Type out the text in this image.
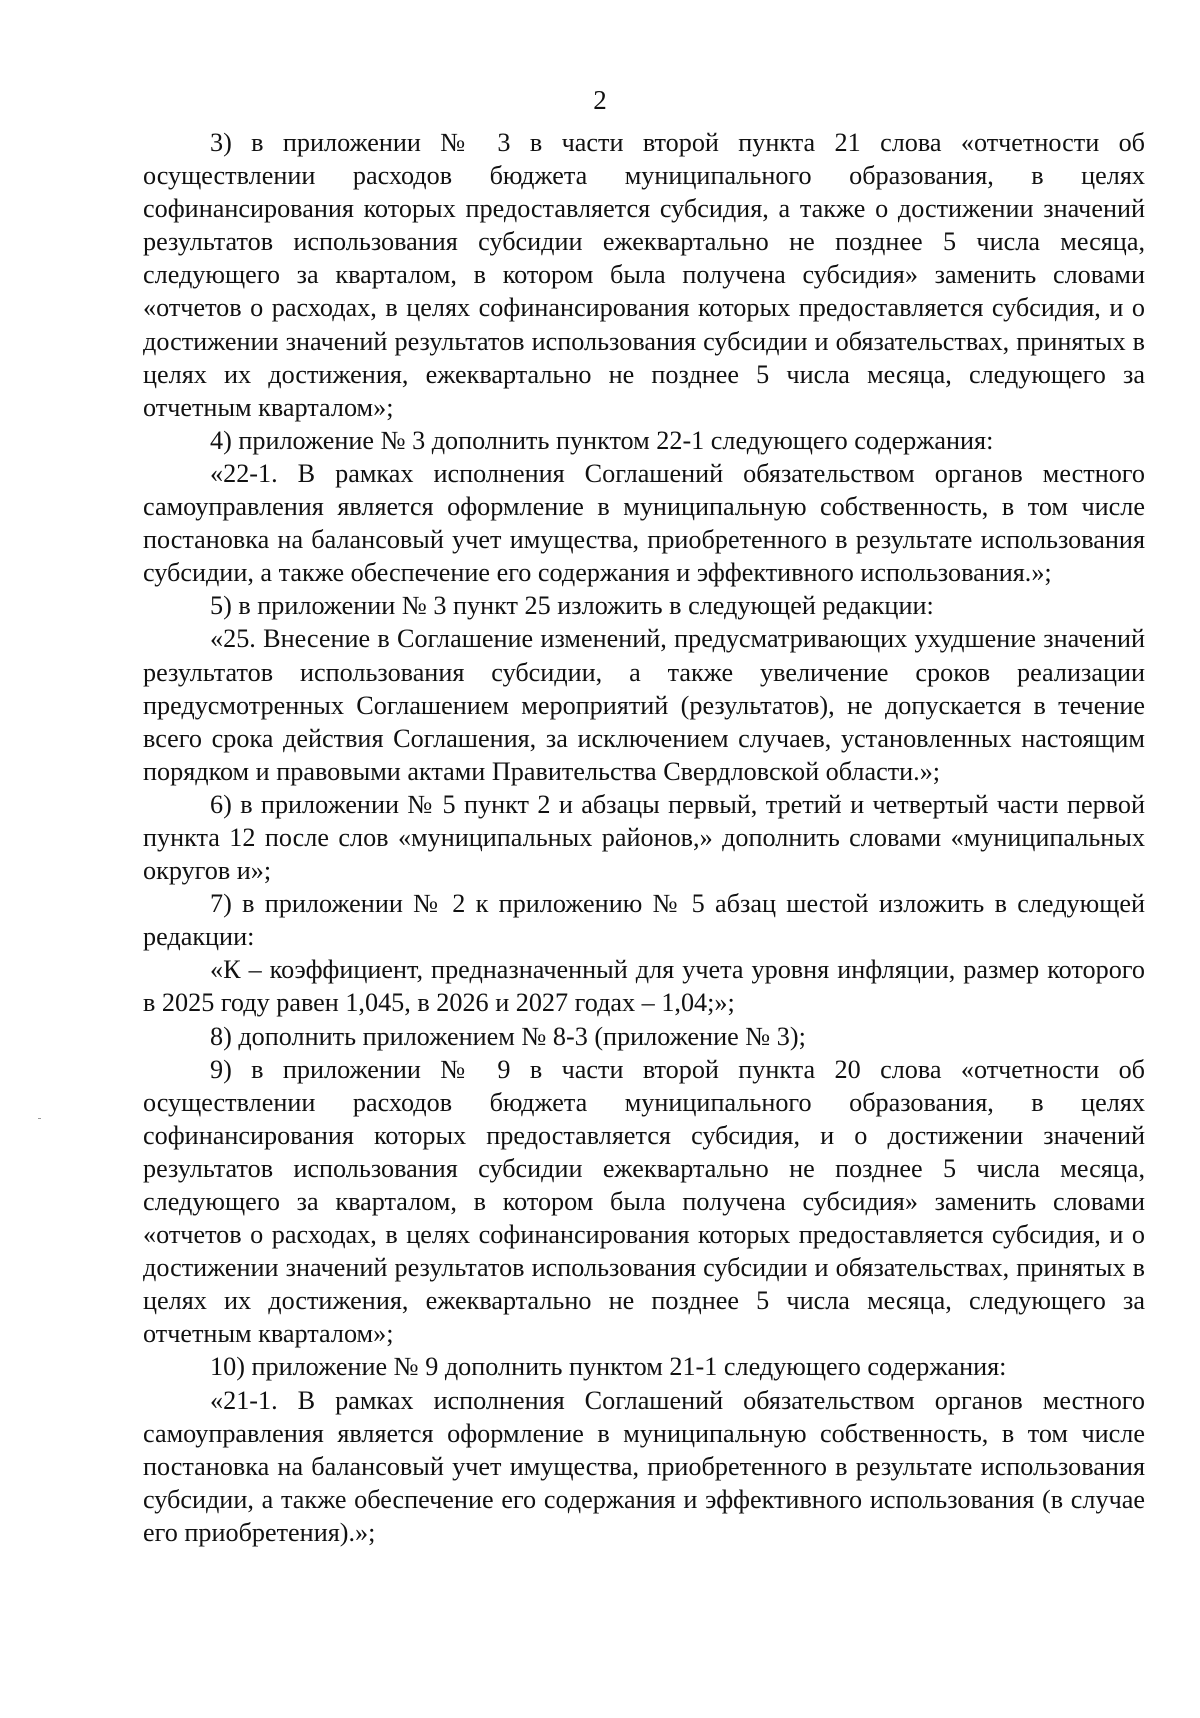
2

3) в приложении № 3 в части второй пункта 21 слова «отчетности об осуществлении расходов бюджета муниципального образования, в целях софинансирования которых предоставляется субсидия, а также о достижении значений результатов использования субсидии ежеквартально не позднее 5 числа месяца, следующего за кварталом, в котором была получена субсидия» заменить словами «отчетов о расходах, в целях софинансирования которых предоставляется субсидия, и о достижении значений результатов использования субсидии и обязательствах, принятых в целях их достижения, ежеквартально не позднее 5 числа месяца, следующего за отчетным кварталом»;

4) приложение № 3 дополнить пунктом 22-1 следующего содержания:

«22-1. В рамках исполнения Соглашений обязательством органов местного самоуправления является оформление в муниципальную собственность, в том числе постановка на балансовый учет имущества, приобретенного в результате использования субсидии, а также обеспечение его содержания и эффективного использования.»;

5) в приложении № 3 пункт 25 изложить в следующей редакции:

«25. Внесение в Соглашение изменений, предусматривающих ухудшение значений результатов использования субсидии, а также увеличение сроков реализации предусмотренных Соглашением мероприятий (результатов), не допускается в течение всего срока действия Соглашения, за исключением случаев, установленных настоящим порядком и правовыми актами Правительства Свердловской области.»;

6) в приложении № 5 пункт 2 и абзацы первый, третий и четвертый части первой пункта 12 после слов «муниципальных районов,» дополнить словами «муниципальных округов и»;

7) в приложении № 2 к приложению № 5 абзац шестой изложить в следующей редакции:

«К – коэффициент, предназначенный для учета уровня инфляции, размер которого в 2025 году равен 1,045, в 2026 и 2027 годах – 1,04;»;

8) дополнить приложением № 8-3 (приложение № 3);

9) в приложении № 9 в части второй пункта 20 слова «отчетности об осуществлении расходов бюджета муниципального образования, в целях софинансирования которых предоставляется субсидия, и о достижении значений результатов использования субсидии ежеквартально не позднее 5 числа месяца, следующего за кварталом, в котором была получена субсидия» заменить словами «отчетов о расходах, в целях софинансирования которых предоставляется субсидия, и о достижении значений результатов использования субсидии и обязательствах, принятых в целях их достижения, ежеквартально не позднее 5 числа месяца, следующего за отчетным кварталом»;

10) приложение № 9 дополнить пунктом 21-1 следующего содержания:

«21-1. В рамках исполнения Соглашений обязательством органов местного самоуправления является оформление в муниципальную собственность, в том числе постановка на балансовый учет имущества, приобретенного в результате использования субсидии, а также обеспечение его содержания и эффективного использования (в случае его приобретения).»;
